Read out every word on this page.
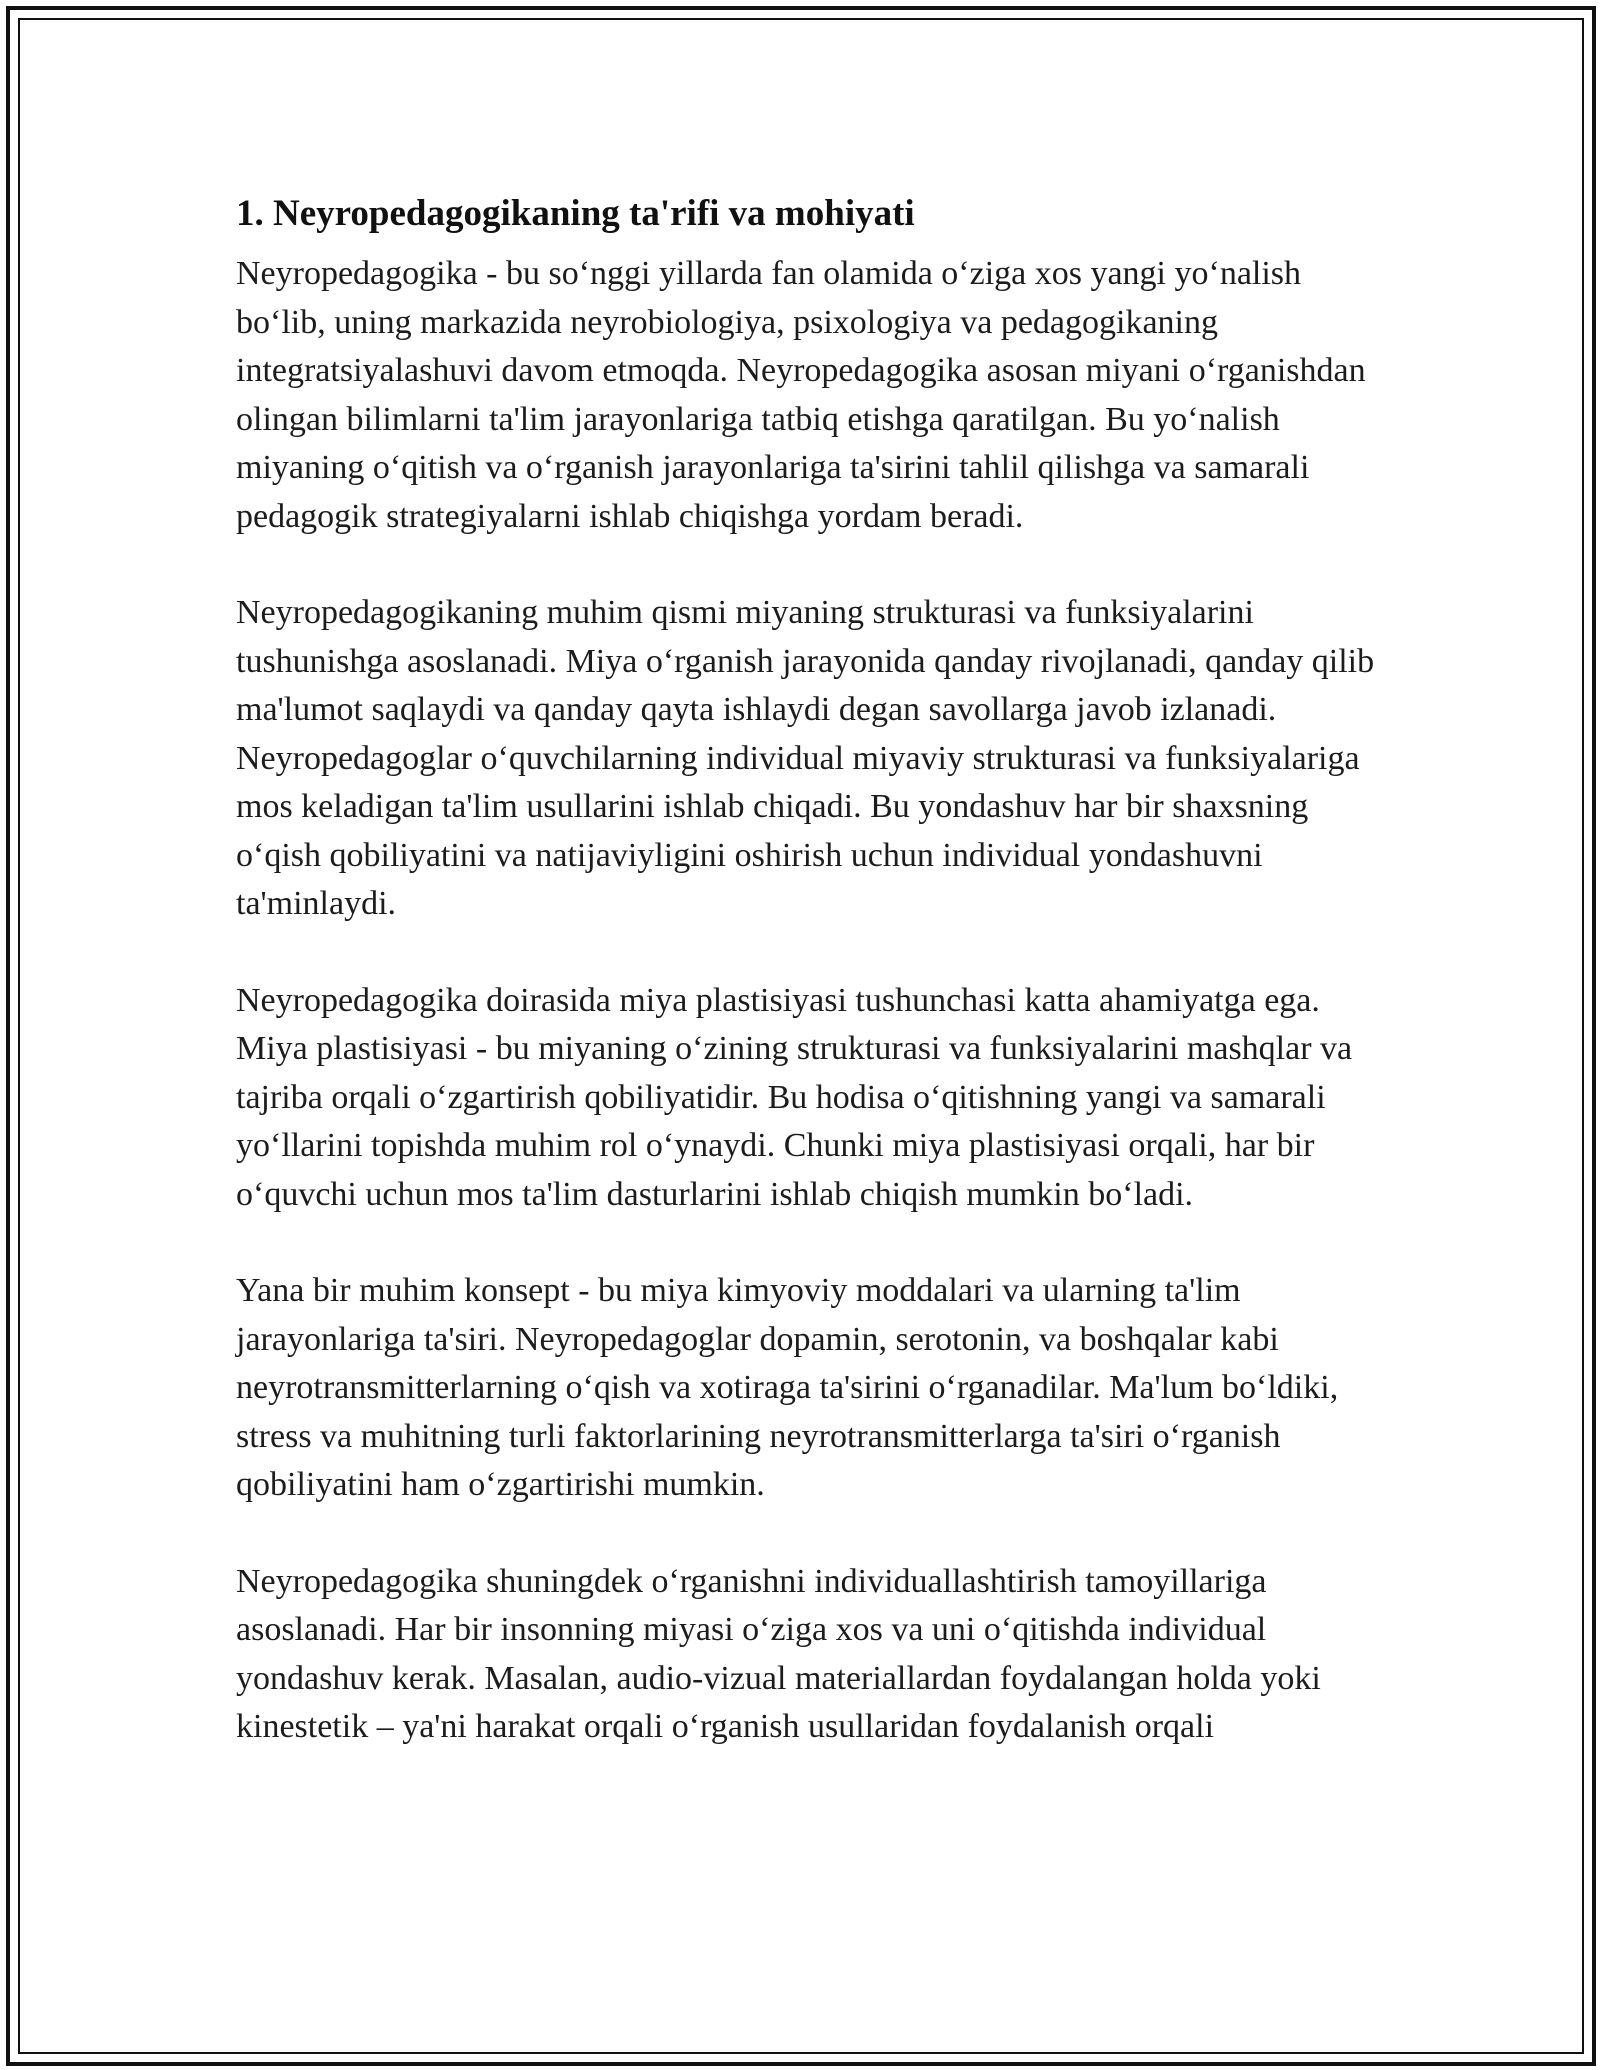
1. Neyropedagogikaning ta'rifi va mohiyati

Neyropedagogika - bu so‘nggi yillarda fan olamida o‘ziga xos yangi yo‘nalish bo‘lib, uning markazida neyrobiologiya, psixologiya va pedagogikaning integratsiyalashuvi davom etmoqda. Neyropedagogika asosan miyani o‘rganishdan olingan bilimlarni ta'lim jarayonlariga tatbiq etishga qaratilgan. Bu yo‘nalish miyaning o‘qitish va o‘rganish jarayonlariga ta'sirini tahlil qilishga va samarali pedagogik strategiyalarni ishlab chiqishga yordam beradi.

Neyropedagogikaning muhim qismi miyaning strukturasi va funksiyalarini tushunishga asoslanadi. Miya o‘rganish jarayonida qanday rivojlanadi, qanday qilib ma'lumot saqlaydi va qanday qayta ishlaydi degan savollarga javob izlanadi. Neyropedagoglar o‘quvchilarning individual miyaviy strukturasi va funksiyalariga mos keladigan ta'lim usullarini ishlab chiqadi. Bu yondashuv har bir shaxsning o‘qish qobiliyatini va natijaviyligini oshirish uchun individual yondashuvni ta'minlaydi.

Neyropedagogika doirasida miya plastisiyasi tushunchasi katta ahamiyatga ega. Miya plastisiyasi - bu miyaning o‘zining strukturasi va funksiyalarini mashqlar va tajriba orqali o‘zgartirish qobiliyatidir. Bu hodisa o‘qitishning yangi va samarali yo‘llarini topishda muhim rol o‘ynaydi. Chunki miya plastisiyasi orqali, har bir o‘quvchi uchun mos ta'lim dasturlarini ishlab chiqish mumkin bo‘ladi.

Yana bir muhim konsept - bu miya kimyoviy moddalari va ularning ta'lim jarayonlariga ta'siri. Neyropedagoglar dopamin, serotonin, va boshqalar kabi neyrotransmitterlarning o‘qish va xotiraga ta'sirini o‘rganadilar. Ma'lum bo‘ldiki, stress va muhitning turli faktorlarining neyrotransmitterlarga ta'siri o‘rganish qobiliyatini ham o‘zgartirishi mumkin.

Neyropedagogika shuningdek o‘rganishni individuallashtirish tamoyillariga asoslanadi. Har bir insonning miyasi o‘ziga xos va uni o‘qitishda individual yondashuv kerak. Masalan, audio-vizual materiallardan foydalangan holda yoki kinestetik – ya'ni harakat orqali o‘rganish usullaridan foydalanish orqali
